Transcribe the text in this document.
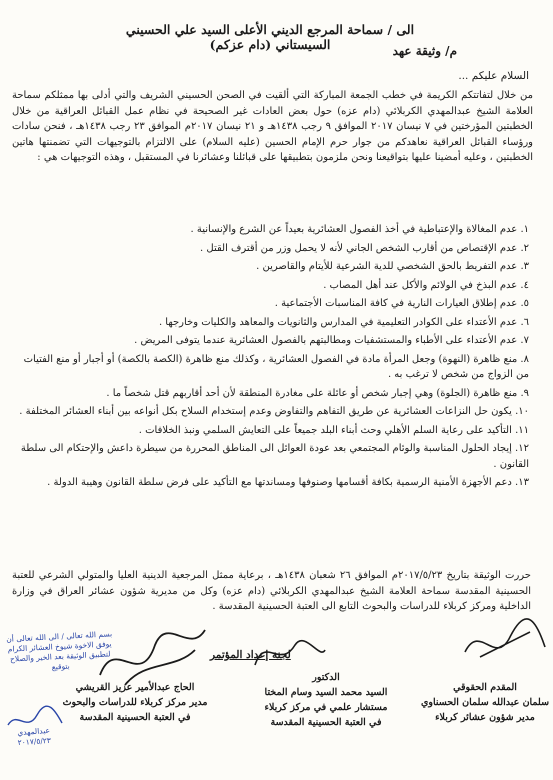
الى / سماحة المرجع الديني الأعلى السيد علي الحسيني السيستاني (دام عزكم)	م/ وثيقة عهد
السلام عليكم ...
من خلال لتفاتتكم الكريمة في خطب الجمعة المباركة التي ألقيت في الصحن الحسيني الشريف والتي أدلى بها ممثلكم سماحة العلامة الشيخ عبدالمهدي الكربلائي (دام عزه) حول بعض العادات غير الصحيحة في نظام عمل القبائل العراقية من خلال الخطبتين المؤرختين في ٧ نيسان ٢٠١٧ الموافق ٩ رجب ١٤٣٨هـ و ٢١ نيسان ٢٠١٧م الموافق ٢٣ رجب ١٤٣٨هـ ، فنحن سادات ورؤساء القبائل العراقية نعاهدكم من جوار حرم الإمام الحسين (عليه السلام) على الالتزام بالتوجيهات التي تضمنتها هاتين الخطبتين ، وعليه أمضينا عليها بتواقيعنا ونحن ملزمون بتطبيقها على قبائلنا وعشائرنا في المستقبل ، وهذه التوجيهات هي :
١. عدم المغالاة والإعتباطية في أخذ الفصول العشائرية بعيداً عن الشرع والإنسانية .
٢. عدم الإقتصاص من أقارب الشخص الجاني لأنه لا يحمل وزر من أقترف القتل .
٣. عدم التفريط بالحق الشخصي للدية الشرعية للأيتام والقاصرين .
٤. عدم البذخ في الولائم والأكل عند أهل المصاب .
٥. عدم إطلاق العيارات النارية في كافة المناسبات الأجتماعية .
٦. عدم الأعتداء على الكوادر التعليمية في المدارس والثانويات والمعاهد والكليات وخارجها .
٧. عدم الأعتداء على الأطباء والمستشفيات ومطالبتهم بالفصول العشائرية عندما يتوفى المريض .
٨. منع ظاهرة (النهوة) وجعل المرأة مادة في الفصول العشائرية ، وكذلك منع ظاهرة (الكصة بالكصة) أو أجبار أو منع الفتيات من الزواج من شخص لا ترغب به .
٩. منع ظاهرة (الجلوة) وهي إجبار شخص أو عائلة على مغادرة المنطقة لأن أحد أقاربهم قتل شخصاً ما .
١٠. يكون حل النزاعات العشائرية عن طريق التفاهم والتفاوض وعدم إستخدام السلاح بكل أنواعه بين أبناء العشائر المختلفة .
١١. التأكيد على رعاية السلم الأهلي وحث أبناء البلد جميعاً على التعايش السلمي ونبذ الخلافات .
١٢. إيجاد الحلول المناسبة والوئام المجتمعي بعد عودة العوائل الى المناطق المحررة من سيطرة داعش والإحتكام الى سلطة القانون .
١٣. دعم الأجهزة الأمنية الرسمية بكافة أقسامها وصنوفها ومساندتها مع التأكيد على فرض سلطة القانون وهيبة الدولة .
حررت الوثيقة بتاريخ ٢٠١٧/٥/٢٣م الموافق ٢٦ شعبان ١٤٣٨هـ ، برعاية ممثل المرجعية الدينية العليا والمتولي الشرعي للعتبة الحسينية المقدسة سماحة العلامة الشيخ عبدالمهدي الكربلائي (دام عزه) وكل من مديرية شؤون عشائر العراق في وزارة الداخلية ومركز كربلاء للدراسات والبحوث التابع الى العتبة الحسينية المقدسة .
لجنة إعداد المؤتمر
بسم الله تعالى / الى الله تعالى أن يوفق الاخوة شيوخ العشائر الكرام لتطبيق الوثيقة بعد الخير والصلاح بتوقيع
المقدم الحقوقي
سلمان عبدالله سلمان الحسناوي
مدير شؤون عشائر كربلاء
الدكتور
السيد محمد السيد وسام المختا
مستشار علمي في مركز كربلاء
في العتبة الحسينية المقدسة
الحاج عبدالأمير عزيز القريشي
مدير مركز كربلاء للدراسات والبحوث
في العتبة الحسينية المقدسة
عبدالمهدي ٢٠١٧/٥/٢٣
